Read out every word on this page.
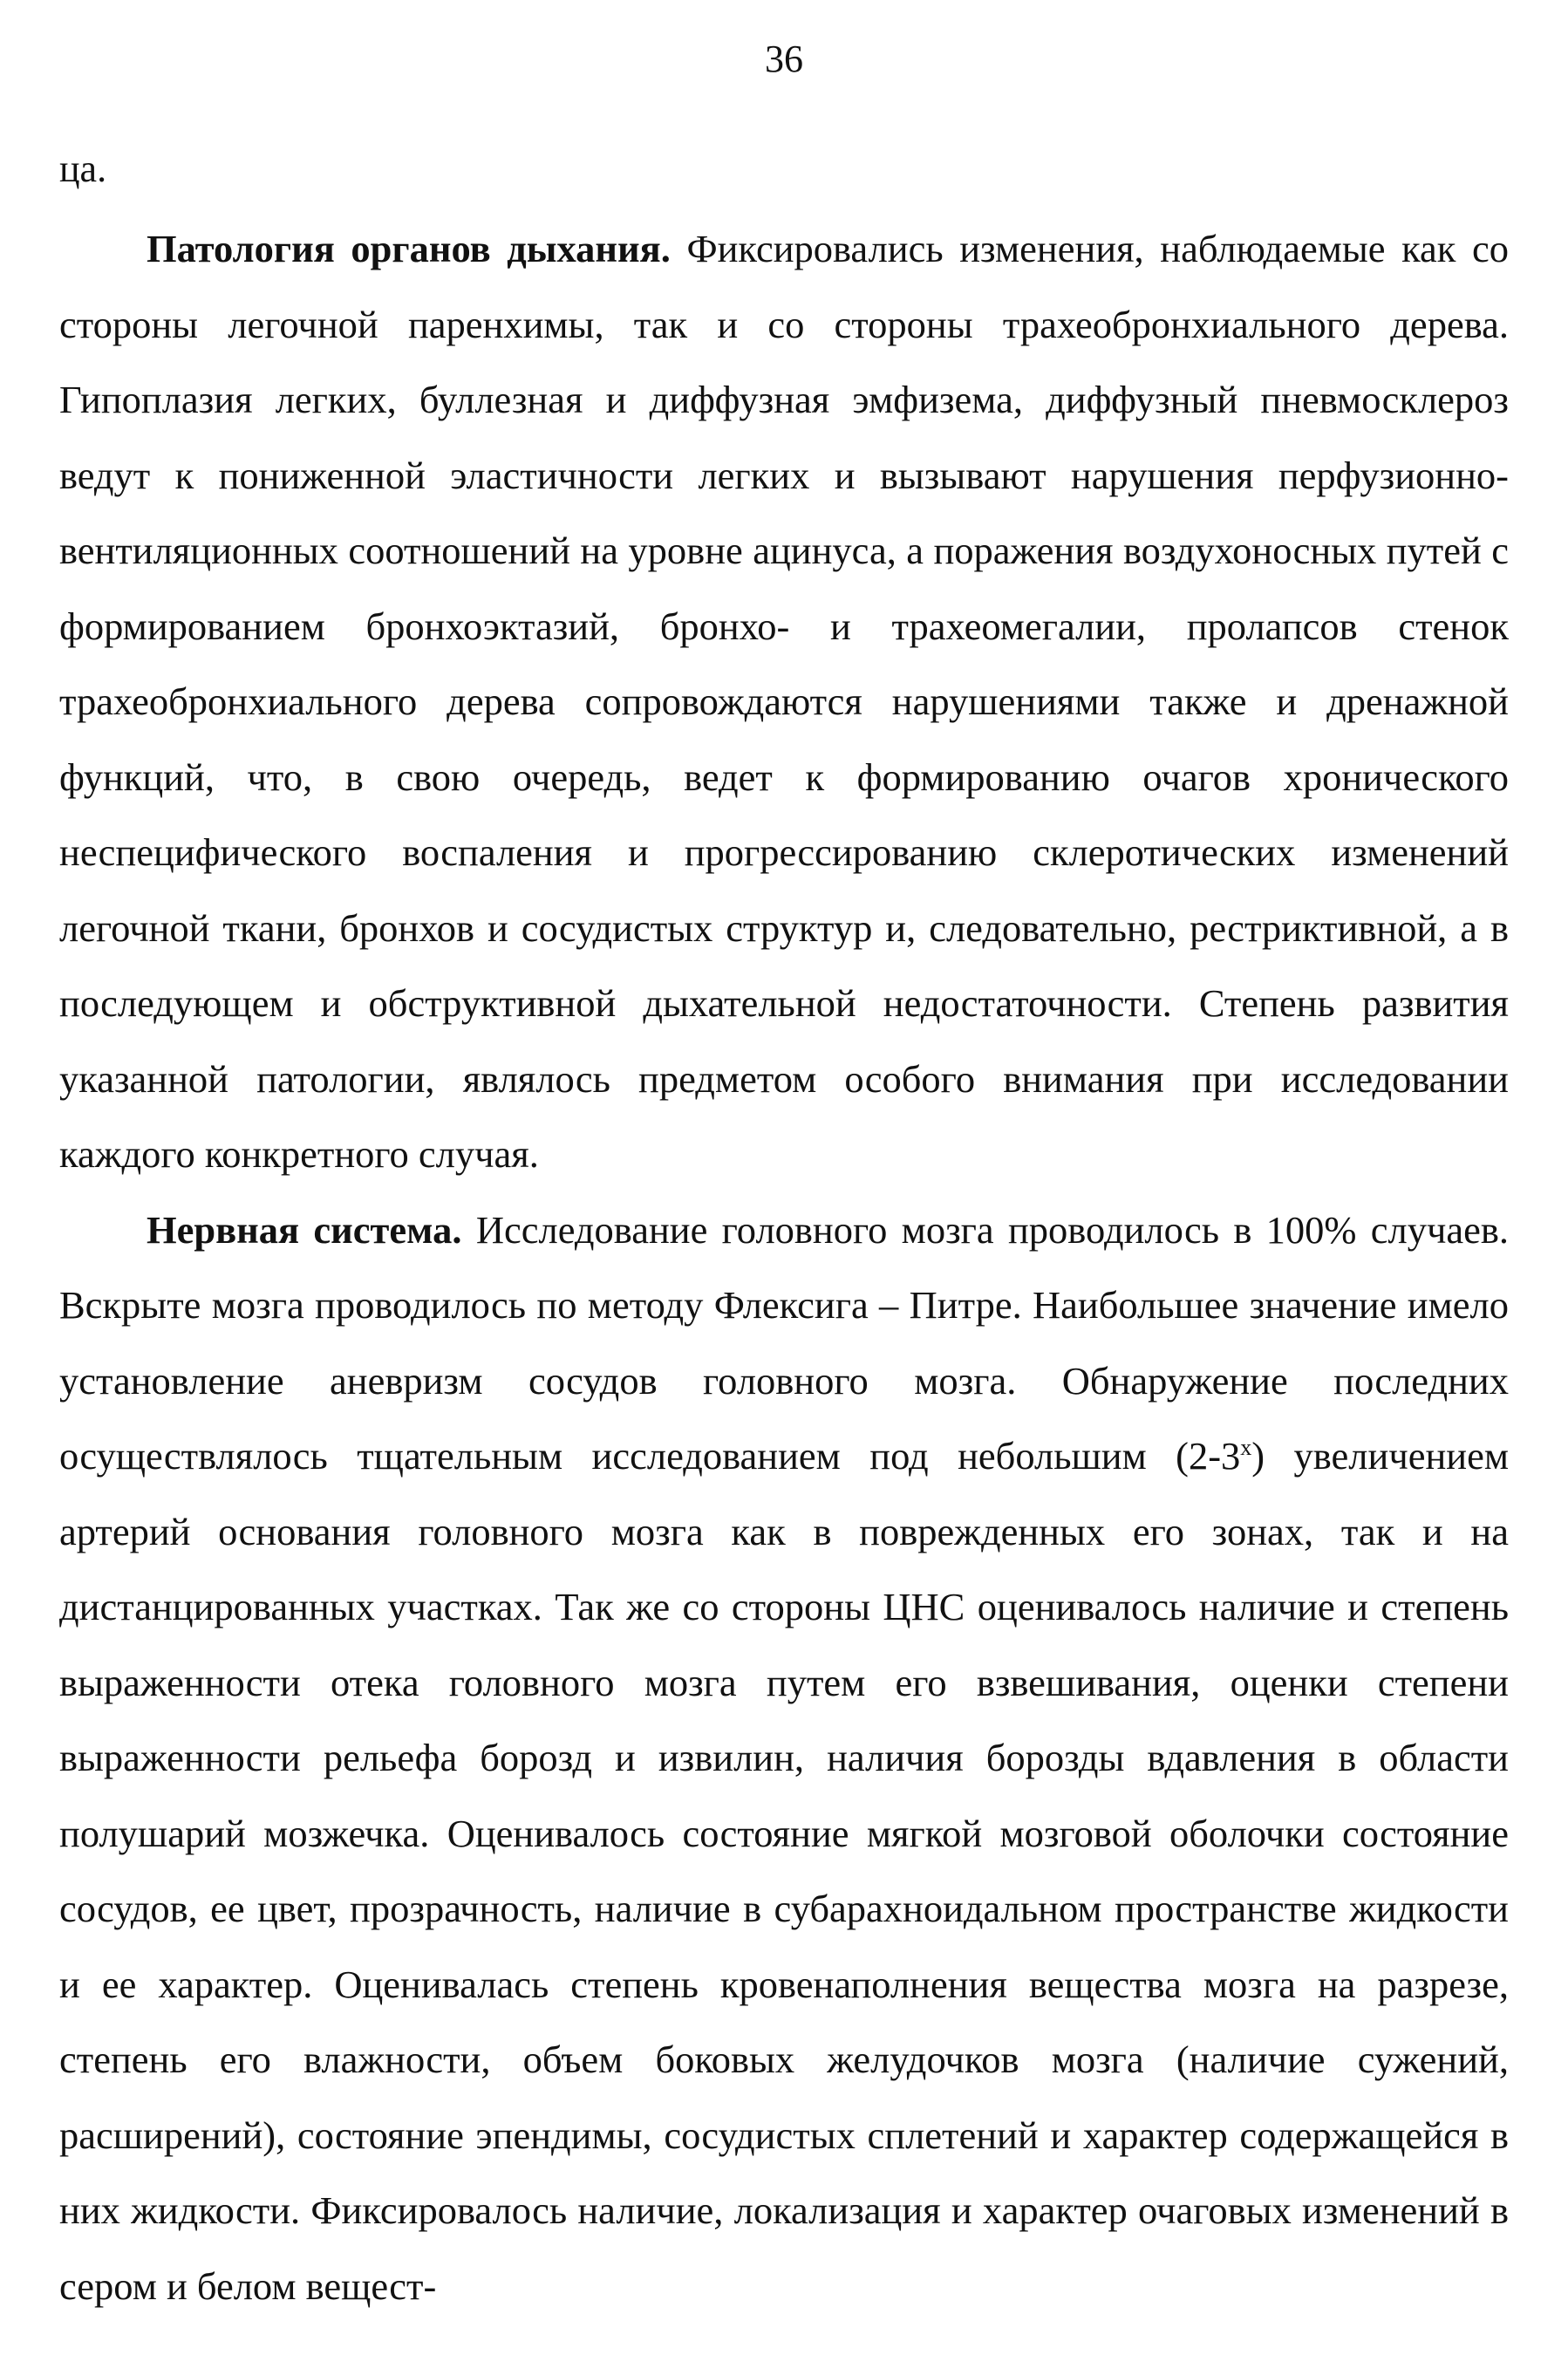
36
ца.

Патология органов дыхания. Фиксировались изменения, наблюдаемые как со стороны легочной паренхимы, так и со стороны трахеобронхиального дерева. Гипоплазия легких, буллезная и диффузная эмфизема, диффузный пневмосклероз ведут к пониженной эластичности легких и вызывают нарушения перфузионно-вентиляционных соотношений на уровне ацинуса, а поражения воздухоносных путей с формированием бронхоэктазий, бронхо- и трахеомегалии, пролапсов стенок трахеобронхиального дерева сопровождаются нарушениями также и дренажной функций, что, в свою очередь, ведет к формированию очагов хронического неспецифического воспаления и прогрессированию склеротических изменений легочной ткани, бронхов и сосудистых структур и, следовательно, рестриктивной, а в последующем и обструктивной дыхательной недостаточности. Степень развития указанной патологии, являлось предметом особого внимания при исследовании каждого конкретного случая.

Нервная система. Исследование головного мозга проводилось в 100% случаев. Вскрыте мозга проводилось по методу Флексига – Питре. Наибольшее значение имело установление аневризм сосудов головного мозга. Обнаружение последних осуществлялось тщательным исследованием под небольшим $(2-3^х)$ увеличением артерий основания головного мозга как в поврежденных его зонах, так и на дистанцированных участках. Так же со стороны ЦНС оценивалось наличие и степень выраженности отека головного мозга путем его взвешивания, оценки степени выраженности рельефа борозд и извилин, наличия борозды вдавления в области полушарий мозжечка. Оценивалось состояние мягкой мозговой оболочки состояние сосудов, ее цвет, прозрачность, наличие в субарахноидальном пространстве жидкости и ее характер. Оценивалась степень кровенаполнения вещества мозга на разрезе, степень его влажности, объем боковых желудочков мозга (наличие сужений, расширений), состояние эпендимы, сосудистых сплетений и характер содержащейся в них жидкости. Фиксировалось наличие, локализация и характер очаговых изменений в сером и белом вещест-
